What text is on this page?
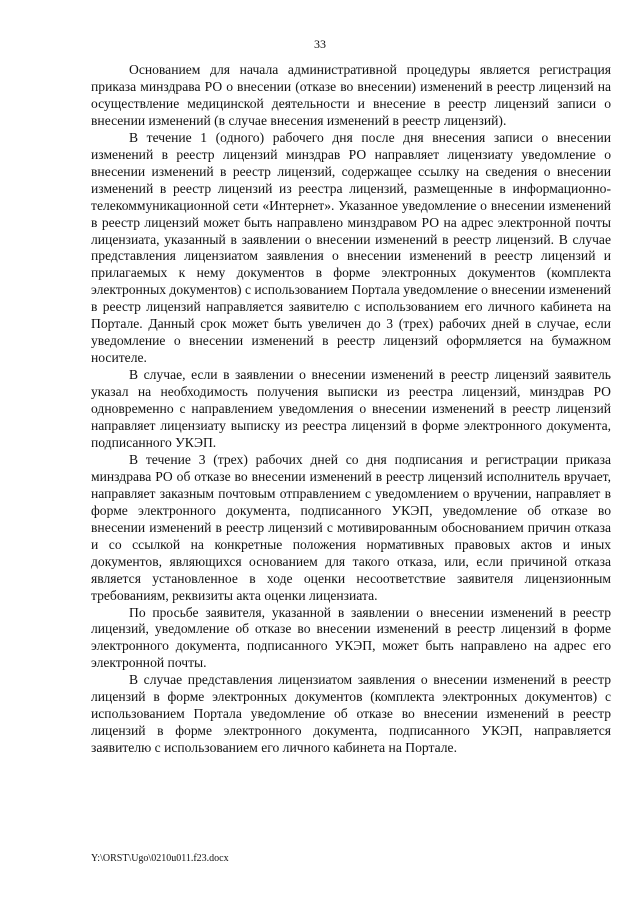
33

Основанием для начала административной процедуры является регистрация приказа минздрава РО о внесении (отказе во внесении) изменений в реестр лицензий на осуществление медицинской деятельности и внесение в реестр лицензий записи о внесении изменений (в случае внесения изменений в реестр лицензий).

В течение 1 (одного) рабочего дня после дня внесения записи о внесении изменений в реестр лицензий минздрав РО направляет лицензиату уведомление о внесении изменений в реестр лицензий, содержащее ссылку на сведения о внесении изменений в реестр лицензий из реестра лицензий, размещенные в информационно-телекоммуникационной сети «Интернет». Указанное уведомление о внесении изменений в реестр лицензий может быть направлено минздравом РО на адрес электронной почты лицензиата, указанный в заявлении о внесении изменений в реестр лицензий. В случае представления лицензиатом заявления о внесении изменений в реестр лицензий и прилагаемых к нему документов в форме электронных документов (комплекта электронных документов) с использованием Портала уведомление о внесении изменений в реестр лицензий направляется заявителю с использованием его личного кабинета на Портале. Данный срок может быть увеличен до 3 (трех) рабочих дней в случае, если уведомление о внесении изменений в реестр лицензий оформляется на бумажном носителе.

В случае, если в заявлении о внесении изменений в реестр лицензий заявитель указал на необходимость получения выписки из реестра лицензий, минздрав РО одновременно с направлением уведомления о внесении изменений в реестр лицензий направляет лицензиату выписку из реестра лицензий в форме электронного документа, подписанного УКЭП.

В течение 3 (трех) рабочих дней со дня подписания и регистрации приказа минздрава РО об отказе во внесении изменений в реестр лицензий исполнитель вручает, направляет заказным почтовым отправлением с уведомлением о вручении, направляет в форме электронного документа, подписанного УКЭП, уведомление об отказе во внесении изменений в реестр лицензий с мотивированным обоснованием причин отказа и со ссылкой на конкретные положения нормативных правовых актов и иных документов, являющихся основанием для такого отказа, или, если причиной отказа является установленное в ходе оценки несоответствие заявителя лицензионным требованиям, реквизиты акта оценки лицензиата.

По просьбе заявителя, указанной в заявлении о внесении изменений в реестр лицензий, уведомление об отказе во внесении изменений в реестр лицензий в форме электронного документа, подписанного УКЭП, может быть направлено на адрес его электронной почты.

В случае представления лицензиатом заявления о внесении изменений в реестр лицензий в форме электронных документов (комплекта электронных документов) с использованием Портала уведомление об отказе во внесении изменений в реестр лицензий в форме электронного документа, подписанного УКЭП, направляется заявителю с использованием его личного кабинета на Портале.

Y:\ORST\Ugo\0210u011.f23.docx
